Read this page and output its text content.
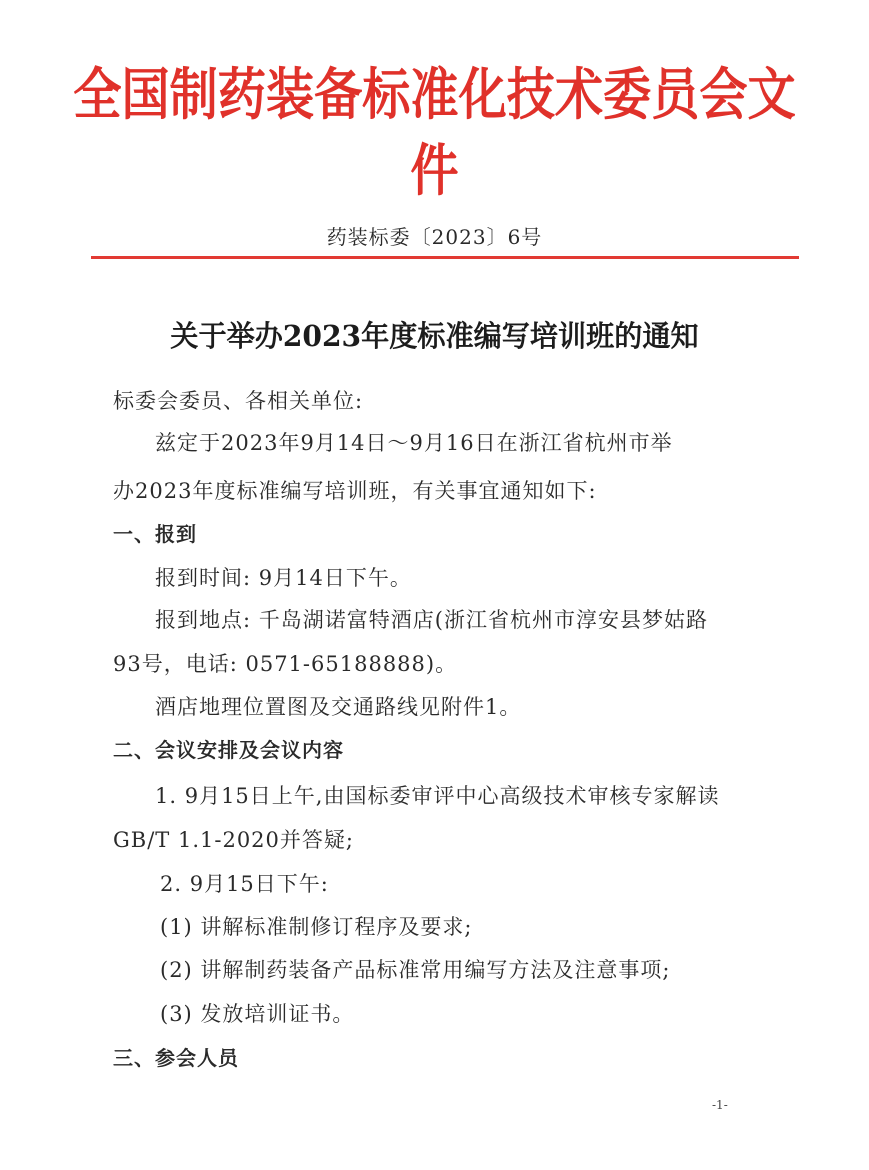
全国制药装备标准化技术委员会文件
药装标委〔2023〕6号
关于举办2023年度标准编写培训班的通知
标委会委员、各相关单位:
兹定于2023年9月14日～9月16日在浙江省杭州市举
办2023年度标准编写培训班，有关事宜通知如下:
一、报到
报到时间: 9月14日下午。
报到地点: 千岛湖诺富特酒店(浙江省杭州市淳安县梦姑路
93号，电话: 0571-65188888)。
酒店地理位置图及交通路线见附件1。
二、会议安排及会议内容
1. 9月15日上午,由国标委审评中心高级技术审核专家解读
GB/T 1.1-2020并答疑;
2. 9月15日下午:
(1) 讲解标准制修订程序及要求;
(2) 讲解制药装备产品标准常用编写方法及注意事项;
(3) 发放培训证书。
三、参会人员
-1-
